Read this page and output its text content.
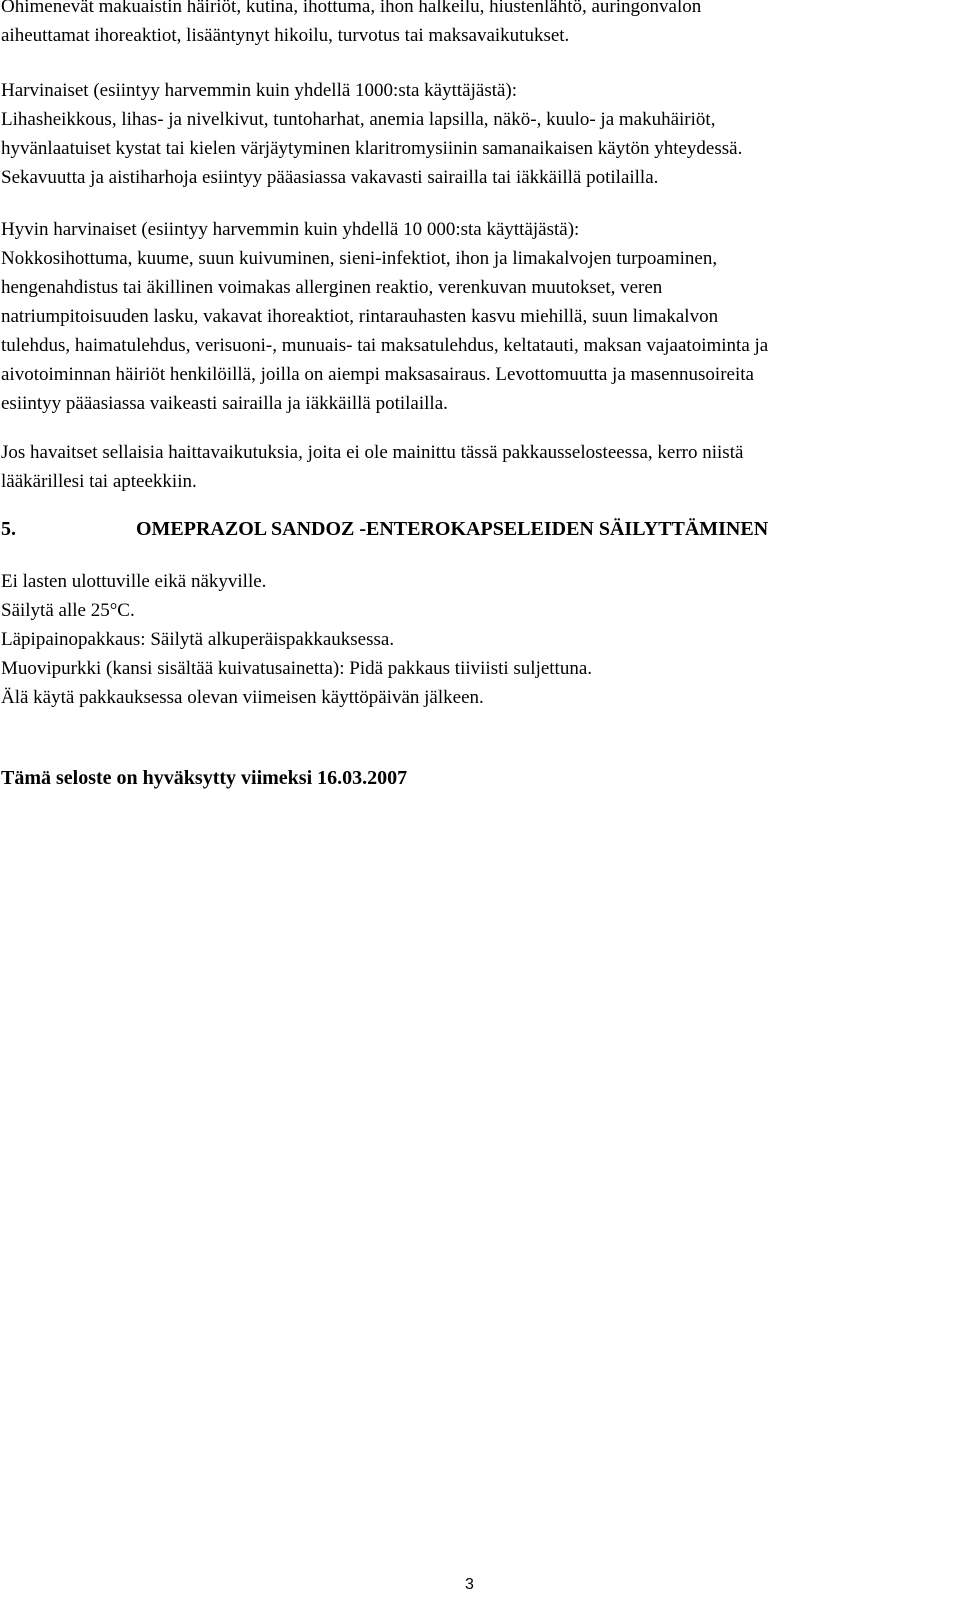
Ohimenevät makuaistin häiriöt, kutina, ihottuma, ihon halkeilu, hiustenlähtö, auringonvalon
aiheuttamat ihoreaktiot, lisääntynyt hikoilu, turvotus tai maksavaikutukset.
Harvinaiset (esiintyy harvemmin kuin yhdellä 1000:sta käyttäjästä):
Lihasheikkous, lihas- ja nivelkivut, tuntoharhat, anemia lapsilla, näkö-, kuulo- ja makuhäiriöt,
hyvänlaatuiset kystat tai kielen värjäytyminen klaritromysiinin samanaikaisen käytön yhteydessä.
Sekavuutta ja aistiharhoja esiintyy pääasiassa vakavasti sairailla tai iäkkäillä potilailla.
Hyvin harvinaiset (esiintyy harvemmin kuin yhdellä 10 000:sta käyttäjästä):
Nokkosihottuma, kuume, suun kuivuminen, sieni-infektiot, ihon ja limakalvojen turpoaminen,
hengenahdistus tai äkillinen voimakas allerginen reaktio, verenkuvan muutokset, veren
natriumpitoisuuden lasku, vakavat ihoreaktiot, rintarauhasten kasvu miehillä, suun limakalvon
tulehdus, haimatulehdus, verisuoni-, munuais- tai maksatulehdus, keltatauti, maksan vajaatoiminta ja
aivotoiminnan häiriöt henkilöillä, joilla on aiempi maksasairaus. Levottomuutta ja masennusoireita
esiintyy pääasiassa vaikeasti sairailla ja iäkkäillä potilailla.
Jos havaitset sellaisia haittavaikutuksia, joita ei ole mainittu tässä pakkausselosteessa, kerro niistä
lääkärillesi tai apteekkiin.
5.	OMEPRAZOL SANDOZ -ENTEROKAPSELEIDEN SÄILYTTÄMINEN
Ei lasten ulottuville eikä näkyville.
Säilytä alle 25°C.
Läpipainopakkaus: Säilytä alkuperäispakkauksessa.
Muovipurkki (kansi sisältää kuivatusainetta): Pidä pakkaus tiiviisti suljettuna.
Älä käytä pakkauksessa olevan viimeisen käyttöpäivän jälkeen.
Tämä seloste on hyväksytty viimeksi 16.03.2007
3
